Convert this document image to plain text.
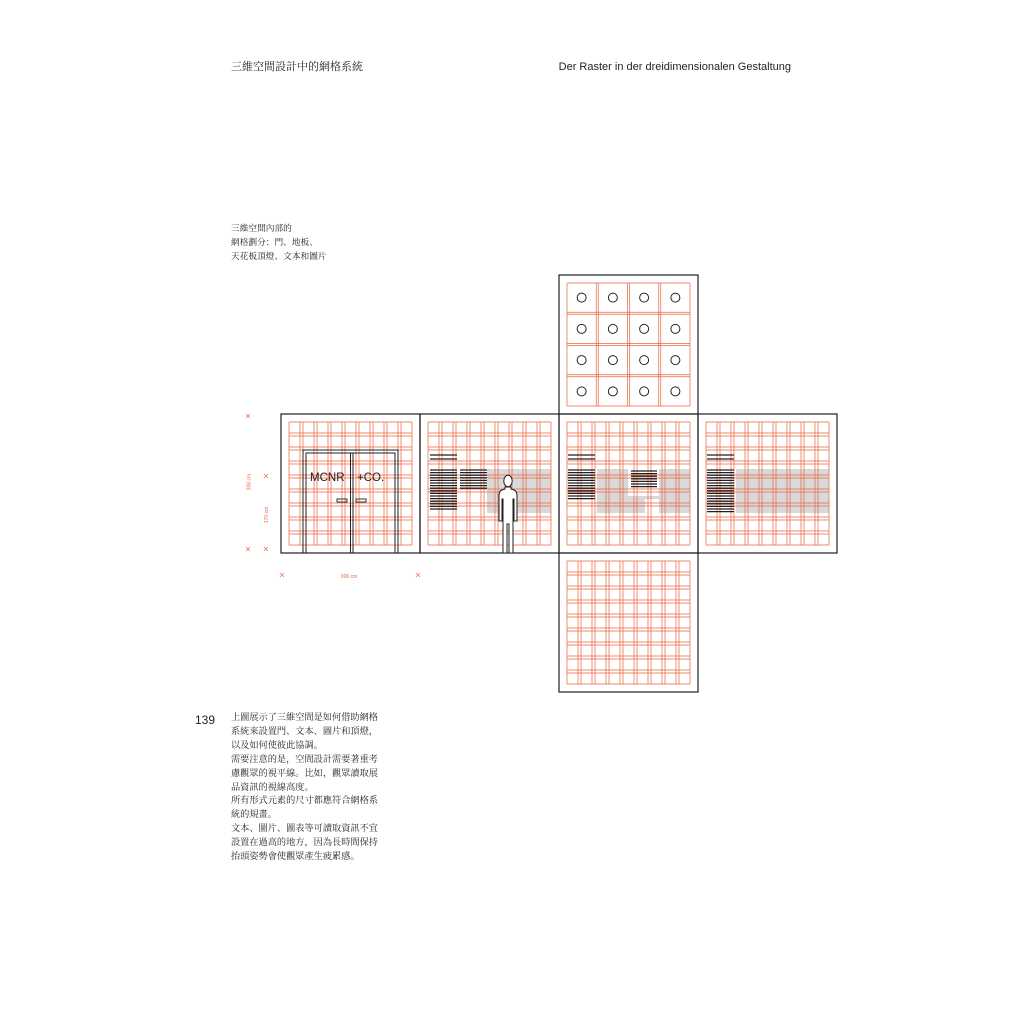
MCNR +CO.
300 cm
170 cm
300 cm
三維空間設計中的網格系統	Der Raster in der dreidimensionalen Gestaltung
三維空間內部的
網格劃分：門、地板、
天花板頂燈、文本和圖片
139 上圖展示了三維空間是如何借助網格
系統來設置門、文本、圖片和頂燈，
以及如何使彼此協調。
需要注意的是，空間設計需要著重考
慮觀眾的視平線。比如，觀眾讀取展
品資訊的視線高度。
所有形式元素的尺寸都應符合網格系
統的規畫。
文本、圖片、圖表等可讀取資訊不宜
設置在過高的地方，因為長時間保持
抬頭姿勢會使觀眾產生疲累感。
